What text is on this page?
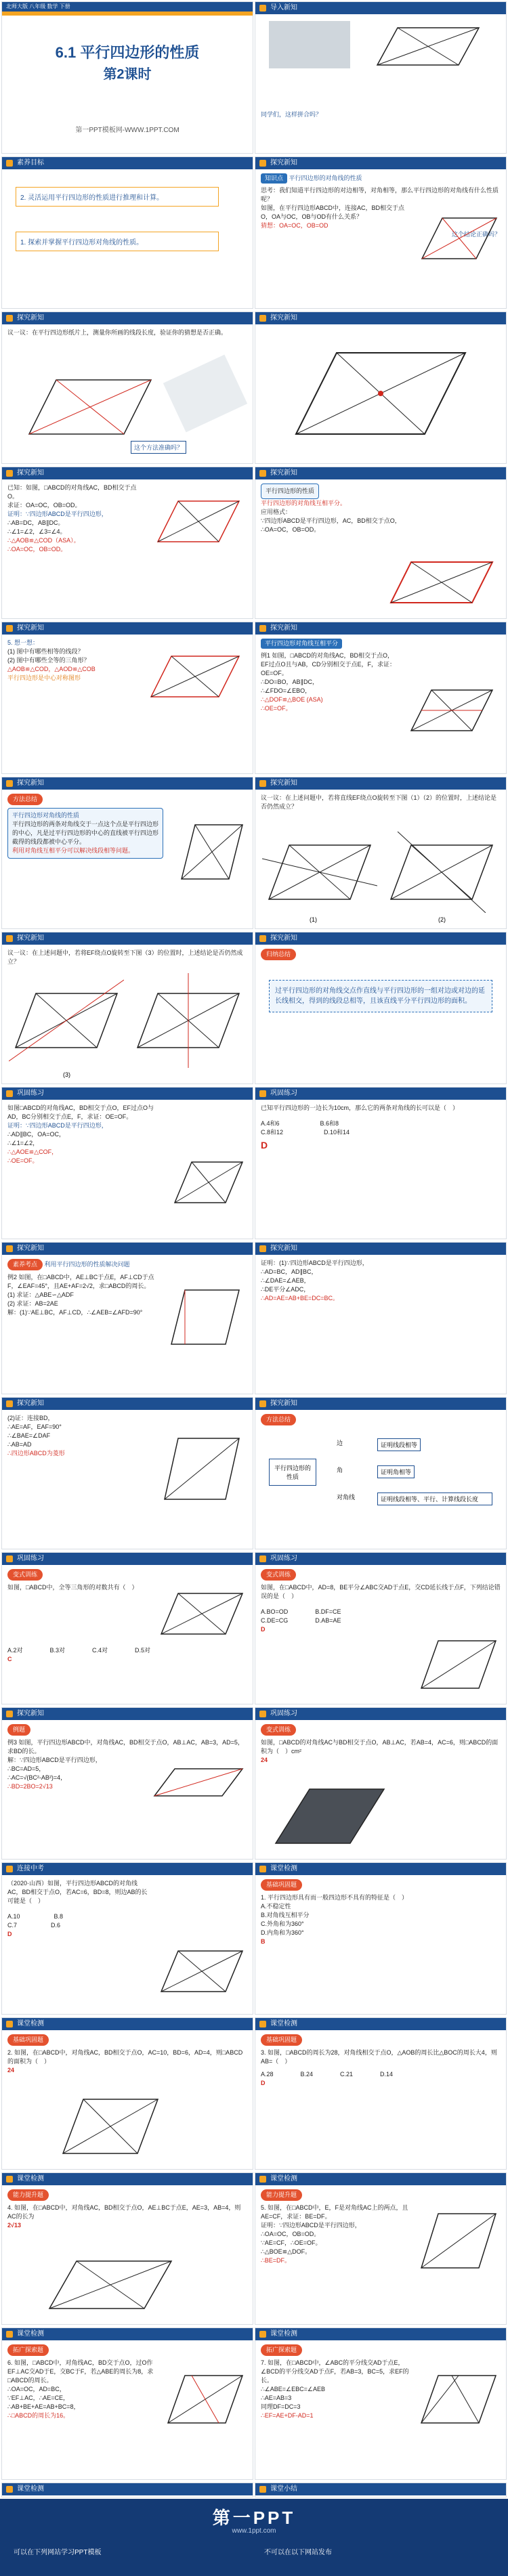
北师大版 八年级 数学 下册
6.1 平行四边形的性质
第2课时
第一PPT模板网-WWW.1PPT.COM
导入新知
同学们，这样拼合吗？
素养目标
2. 灵活运用平行四边形的性质进行推理和计算。
1. 探索并掌握平行四边形对角线的性质。
探究新知
知识点 平行四边形的对角线的性质
思考：我们知道平行四边形的对边相等，对角相等，那么平行四边形的对角线有什么性质呢？
如图，在平行四边形ABCD中，连接AC，BD相交于点O，OA与OC，OB与OD有什么关系？
猜想：OA=OC，OB=OD
这个结论正确吗？
探究新知
议一议：在平行四边形纸片上，测量你所画的线段长度，验证你的猜想是否正确。
这个方法准确吗？
探究新知
探究新知
已知：如图，□ABCD的对角线AC，BD相交于点O。
求证：OA=OC，OB=OD。
证明：∵四边形ABCD是平行四边形，
∴AB=DC，AB∥DC。
∴∠1=∠2，∠3=∠4。
∴△AOB≌△COD（ASA）。
∴OA=OC，OB=OD。
探究新知
平行四边形的性质
平行四边形的对角线互相平分。
应用格式：
∵四边形ABCD是平行四边形，AC，BD相交于点O，
∴OA=OC，OB=OD。
探究新知
5. 想一想：
(1) 图中有哪些相等的线段？
(2) 图中有哪些全等的三角形？
△AOB≌△COD，△AOD≌△COB
平行四边形是中心对称图形
探究新知
平行四边形对角线互相平分
例1 如图，□ABCD的对角线AC，BD相交于点O，EF过点O且与AB，CD分别相交于点E，F，求证：OE=OF。
∴DO=BO，AB∥DC，
∴∠FDO=∠EBO，
∴△DOF≌△BOE (ASA)
∴OE=OF。
探究新知
方法总结
平行四边形对角线的性质
平行四边形的两条对角线交于一点这个点是平行四边形的中心，凡是过平行四边形的中心的直线被平行四边形截得的线段都被中心平分。
利用对角线互相平分可以解决线段相等问题。
探究新知
议一议：在上述问题中，若将直线EF绕点O旋转至下图（1）（2）的位置时，上述结论是否仍然成立？
(1)	(2)
探究新知
议一议：在上述问题中，若将EF绕点O旋转至下图（3）的位置时，上述结论是否仍然成立？
(3)
探究新知
归纳总结
过平行四边形的对角线交点作直线与平行四边形的一组对边或对边的延长线相交，得到的线段总相等，且该直线平分平行四边形的面积。
巩固练习
如图□ABCD的对角线AC，BD相交于点O，EF过点O与AD，BC分别相交于点E，F，求证：OE=OF。
证明：∵四边形ABCD是平行四边形，
∴AD∥BC，OA=OC，
∴∠1=∠2，
∴△AOE≌△COF，
∴OE=OF。
巩固练习
已知平行四边形的一边长为10cm，那么它的两条对角线的长可以是（　）
A.4和6	B.6和8
C.8和12	D.10和14
D
探究新知
素养考点 利用平行四边形的性质解决问题
例2 如图，在□ABCD中，AE⊥BC于点E，AF⊥CD于点F，∠EAF=45°，且AE+AF=2√2，求□ABCD的周长。
(1) 求证：△ABE∽△ADF
(2) 求证：AB=2AE
解：(1)∵AE⊥BC，AF⊥CD，∴∠AEB=∠AFD=90°
探究新知
证明：(1)∵四边形ABCD是平行四边形，
∴AD=BC，AD∥BC，
∴∠DAE=∠AEB，
∴DE平分∠ADC，
∴AD=AE=AB+BE=DC=BC。
探究新知
(2)证：连接BD，
∴AE=AF，EAF=90°
∴∠BAE=∠DAF
∴AB=AD
∴四边形ABCD为菱形
探究新知
方法总结
平行四边形的性质
边
角
对角线
证明线段相等
证明角相等
证明线段相等、平行、计算线段长度
巩固练习
变式训练
如图，□ABCD中，全等三角形的对数共有（　）
A.2对	B.3对	C.4对	D.5对
C
巩固练习
变式训练
如图，在□ABCD中，AD=8，BE平分∠ABC交AD于点E，交CD延长线于点F，下列结论错误的是（　）
A.BO=OD	B.DF=CE
C.DE=CG	D.AB=AE
D
探究新知
例题
例3 如图，平行四边形ABCD中，对角线AC，BD相交于点O，AB⊥AC，AB=3，AD=5，求BD的长。
解：∵四边形ABCD是平行四边形，
∴BC=AD=5，
∴AC=√(BC²-AB²)=4，
∴BD=2BO=2√13
巩固练习
变式训练
如图，□ABCD的对角线AC与BD相交于点O，AB⊥AC，若AB=4，AC=6，则□ABCD的面积为（　）cm²
24
连接中考
（2020·山西）如图，平行四边形ABCD的对角线AC，BD相交于点O，若AC=6，BD=8，则边AB的长可能是（　）
A.10	B.8
C.7	D.6
D
课堂检测
基础巩固题
1. 平行四边形具有而一般四边形不具有的特征是（　）
A.不稳定性
B.对角线互相平分
C.外角和为360°
D.内角和为360°
B
课堂检测
基础巩固题
2. 如图，在□ABCD中，对角线AC，BD相交于点O，AC=10，BD=6，AD=4，则□ABCD的面积为（　）
24
课堂检测
基础巩固题
3. 如图，□ABCD的周长为28，对角线相交于点O，△AOB的周长比△BOC的周长大4，则AB=（　）
A.28	B.24	C.21	D.14
D
课堂检测
能力提升题
4. 如图，在□ABCD中，对角线AC，BD相交于点O，AE⊥BC于点E，AE=3，AB=4，则AC的长为
2√13
课堂检测
能力提升题
5. 如图，在□ABCD中，E，F是对角线AC上的两点，且AE=CF，求证：BE=DF。
证明：∵四边形ABCD是平行四边形，
∴OA=OC，OB=OD。
∵AE=CF，∴OE=OF。
∴△BOE≌△DOF。
∴BE=DF。
课堂检测
拓广探索题
6. 如图，□ABCD中，对角线AC，BD交于点O，过O作EF⊥AC交AD于E，交BC于F，若△ABE的周长为8，求□ABCD的周长。
∴OA=OC，AD=BC，
∵EF⊥AC，∴AE=CE，
∴AB+BE+AE=AB+BC=8，
∴□ABCD的周长为16。
课堂检测
拓广探索题
7. 如图，在□ABCD中，∠ABC的平分线交AD于点E，∠BCD的平分线交AD于点F，若AB=3，BC=5，求EF的长。
∴∠ABE=∠EBC=∠AEB
∴AE=AB=3
同理DF=DC=3
∴EF=AE+DF-AD=1
课堂检测	课堂小结
第一PPT
www.1ppt.com
可以在下列网站学习PPT模板	不可以在以下网站发布
